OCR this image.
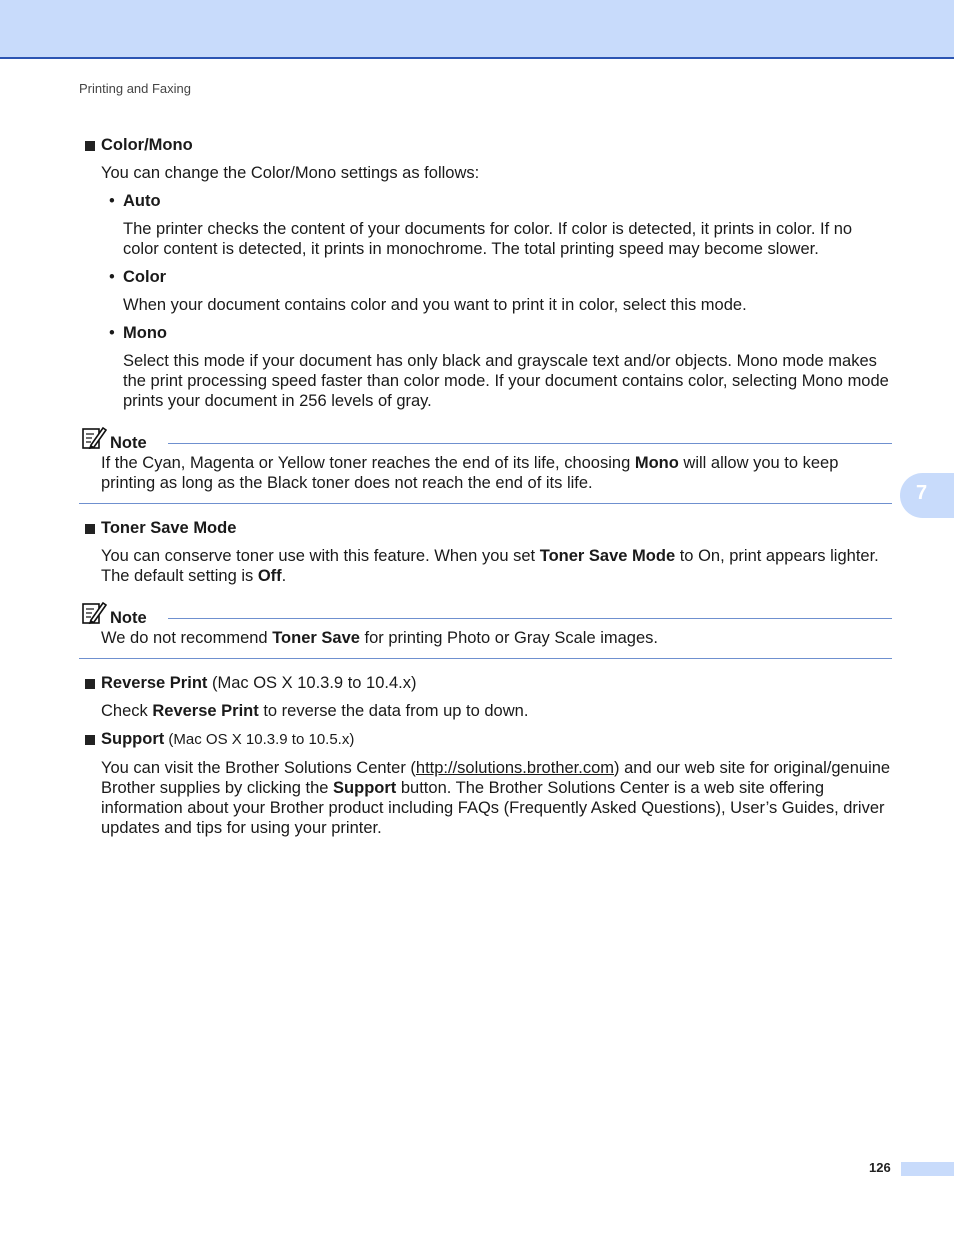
Printing and Faxing
Color/Mono
You can change the Color/Mono settings as follows:
• Auto
The printer checks the content of your documents for color. If color is detected, it prints in color. If no color content is detected, it prints in monochrome. The total printing speed may become slower.
• Color
When your document contains color and you want to print it in color, select this mode.
• Mono
Select this mode if your document has only black and grayscale text and/or objects. Mono mode makes the print processing speed faster than color mode. If your document contains color, selecting Mono mode prints your document in 256 levels of gray.
Note
If the Cyan, Magenta or Yellow toner reaches the end of its life, choosing Mono will allow you to keep printing as long as the Black toner does not reach the end of its life.
Toner Save Mode
You can conserve toner use with this feature. When you set Toner Save Mode to On, print appears lighter. The default setting is Off.
Note
We do not recommend Toner Save for printing Photo or Gray Scale images.
Reverse Print (Mac OS X 10.3.9 to 10.4.x)
Check Reverse Print to reverse the data from up to down.
Support (Mac OS X 10.3.9 to 10.5.x)
You can visit the Brother Solutions Center (http://solutions.brother.com) and our web site for original/genuine Brother supplies by clicking the Support button. The Brother Solutions Center is a web site offering information about your Brother product including FAQs (Frequently Asked Questions), User’s Guides, driver updates and tips for using your printer.
7
126
